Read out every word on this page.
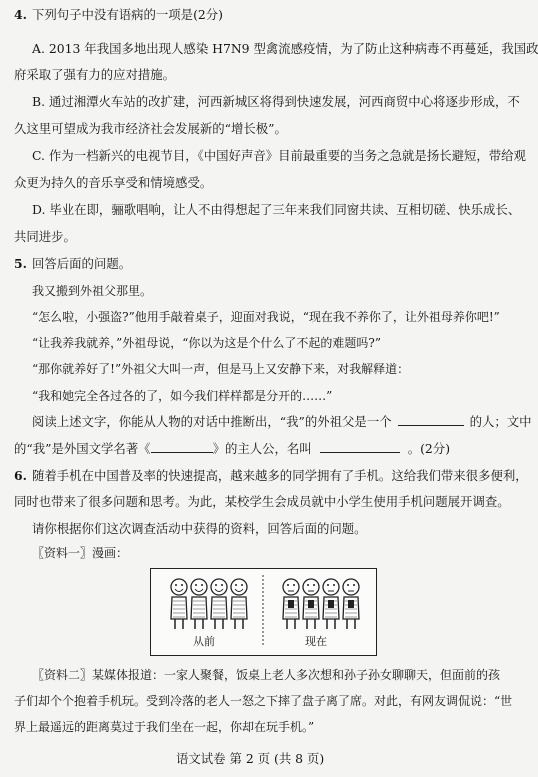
4. 下列句子中没有语病的一项是(2分)
A. 2013 年我国多地出现人感染 H7N9 型禽流感疫情，为了防止这种病毒不再蔓延，我国政
府采取了强有力的应对措施。
B. 通过湘潭火车站的改扩建，河西新城区将得到快速发展，河西商贸中心将逐步形成，不
久这里可望成为我市经济社会发展新的“增长极”。
C. 作为一档新兴的电视节目，《中国好声音》目前最重要的当务之急就是扬长避短，带给观
众更为持久的音乐享受和情境感受。
D. 毕业在即，骊歌唱响，让人不由得想起了三年来我们同窗共读、互相切磋、快乐成长、
共同进步。
5. 回答后面的问题。
我又搬到外祖父那里。
“怎么啦，小强盗?”他用手敲着桌子，迎面对我说，“现在我不养你了，让外祖母养你吧!”
“让我养我就养，”外祖母说，“你以为这是个什么了不起的难题吗?”
“那你就养好了!”外祖父大叫一声，但是马上又安静下来，对我解释道：
“我和她完全各过各的了，如今我们样样都是分开的……”
阅读上述文字，你能从人物的对话中推断出，“我”的外祖父是一个	的人；文中
的“我”是外国文学名著《	》的主人公，名叫	。(2分)
6. 随着手机在中国普及率的快速提高，越来越多的同学拥有了手机。这给我们带来很多便利，
同时也带来了很多问题和思考。为此，某校学生会成员就中小学生使用手机问题展开调查。
请你根据你们这次调查活动中获得的资料，回答后面的问题。
〖资料一〗漫画：
从前	现在
〖资料二〗某媒体报道：一家人聚餐，饭桌上老人多次想和孙子孙女聊聊天，但面前的孩
子们却个个抱着手机玩。受到冷落的老人一怒之下摔了盘子离了席。对此，有网友调侃说：“世
界上最遥远的距离莫过于我们坐在一起，你却在玩手机。”
语文试卷 第 2 页 (共 8 页)
